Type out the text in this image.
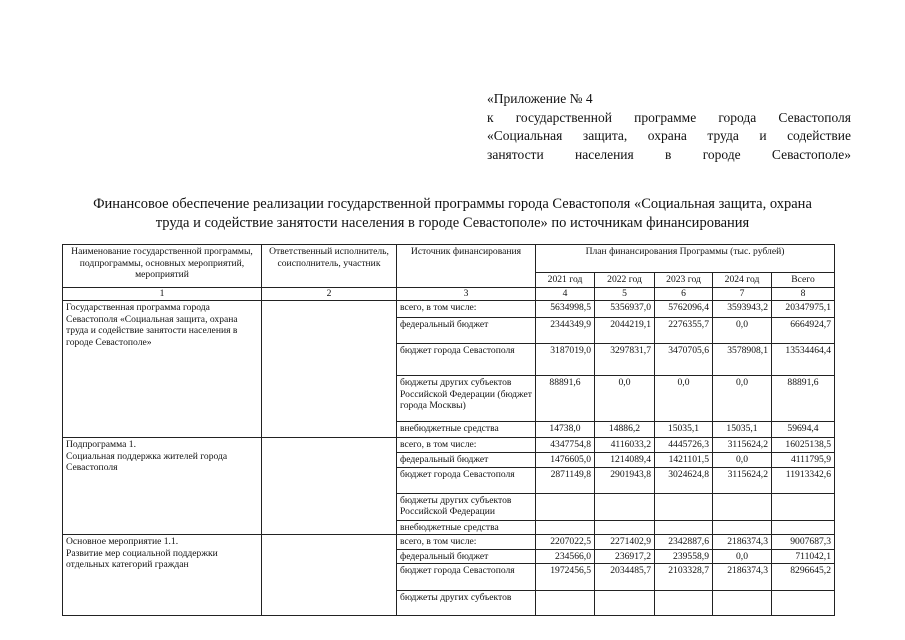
«Приложение № 4
к государственной программе города Севастополя
«Социальная защита, охрана труда и содействие
занятости населения в городе Севастополе»
Финансовое обеспечение реализации государственной программы города Севастополя «Социальная защита, охрана
труда и содействие занятости населения в городе Севастополе» по источникам финансирования
Наименование государственной программы, подпрограммы, основных мероприятий, мероприятий	Ответственный исполнитель, соисполнитель, участник	Источник финансирования	План финансирования Программы (тыс. рублей)				
			2021 год	2022 год	2023 год	2024 год	Всего
1	2	3	4	5	6	7	8
Государственная программа города Севастополя «Социальная защита, охрана труда и содействие занятости населения в городе Севастополе»		всего, в том числе:	5634998,5	5356937,0	5762096,4	3593943,2	20347975,1
		федеральный бюджет	2344349,9	2044219,1	2276355,7	0,0	6664924,7
		бюджет города Севастополя	3187019,0	3297831,7	3470705,6	3578908,1	13534464,4
		бюджеты других субъектов Российской Федерации (бюджет города Москвы)	88891,6	0,0	0,0	0,0	88891,6
		внебюджетные средства	14738,0	14886,2	15035,1	15035,1	59694,4

Подпрограмма 1.
Социальная поддержка жителей города Севастополя		всего, в том числе:	4347754,8	4116033,2	4445726,3	3115624,2	16025138,5
		федеральный бюджет	1476605,0	1214089,4	1421101,5	0,0	4111795,9
		бюджет города Севастополя	2871149,8	2901943,8	3024624,8	3115624,2	11913342,6
		бюджеты других субъектов Российской Федерации					
		внебюджетные средства					

Основное мероприятие 1.1.
Развитие мер социальной поддержки отдельных категорий граждан		всего, в том числе:	2207022,5	2271402,9	2342887,6	2186374,3	9007687,3
		федеральный бюджет	234566,0	236917,2	239558,9	0,0	711042,1
		бюджет города Севастополя	1972456,5	2034485,7	2103328,7	2186374,3	8296645,2
		бюджеты других субъектов					
